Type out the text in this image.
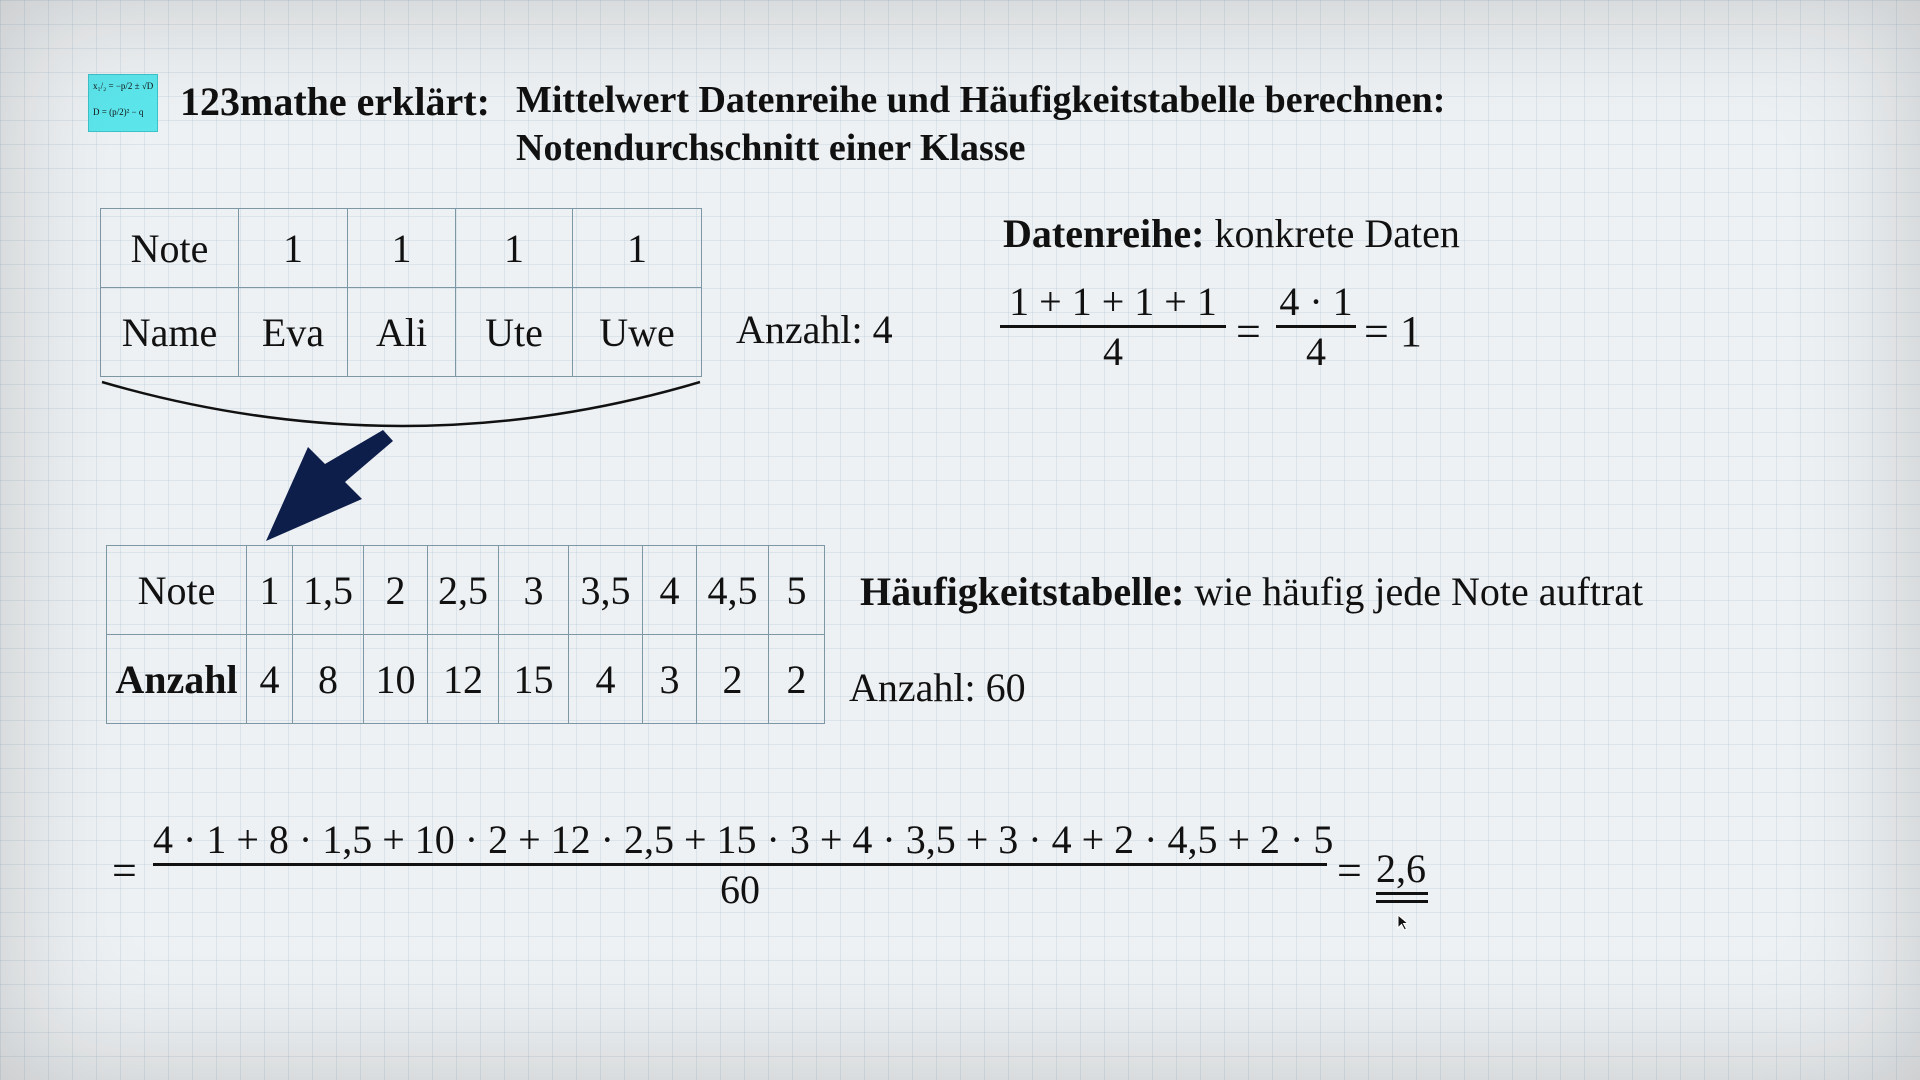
x₁/₂ = −p/2 ± √D
D = (p/2)² − q 123mathe erklärt: Mittelwert Datenreihe und Häufigkeitstabelle berechnen:
Notendurchschnitt einer Klasse
Note	1	1	1	1
Name	Eva	Ali	Ute	Uwe Anzahl: 4
Datenreihe: konkrete Daten
1 + 1 + 1 + 1
4	=
4 · 1
4 = 1
Note	1	1,5	2	2,5	3	3,5	4	4,5	5
Anzahl	4	8	10	12	15	4	3	2	2
Häufigkeitstabelle: wie häufig jede Note auftrat
Anzahl: 60
=
4 · 1 + 8 · 1,5 + 10 · 2 + 12 · 2,5 + 15 · 3 + 4 · 3,5 + 3 · 4 + 2 · 4,5 + 2 · 5
60	= 2,6
